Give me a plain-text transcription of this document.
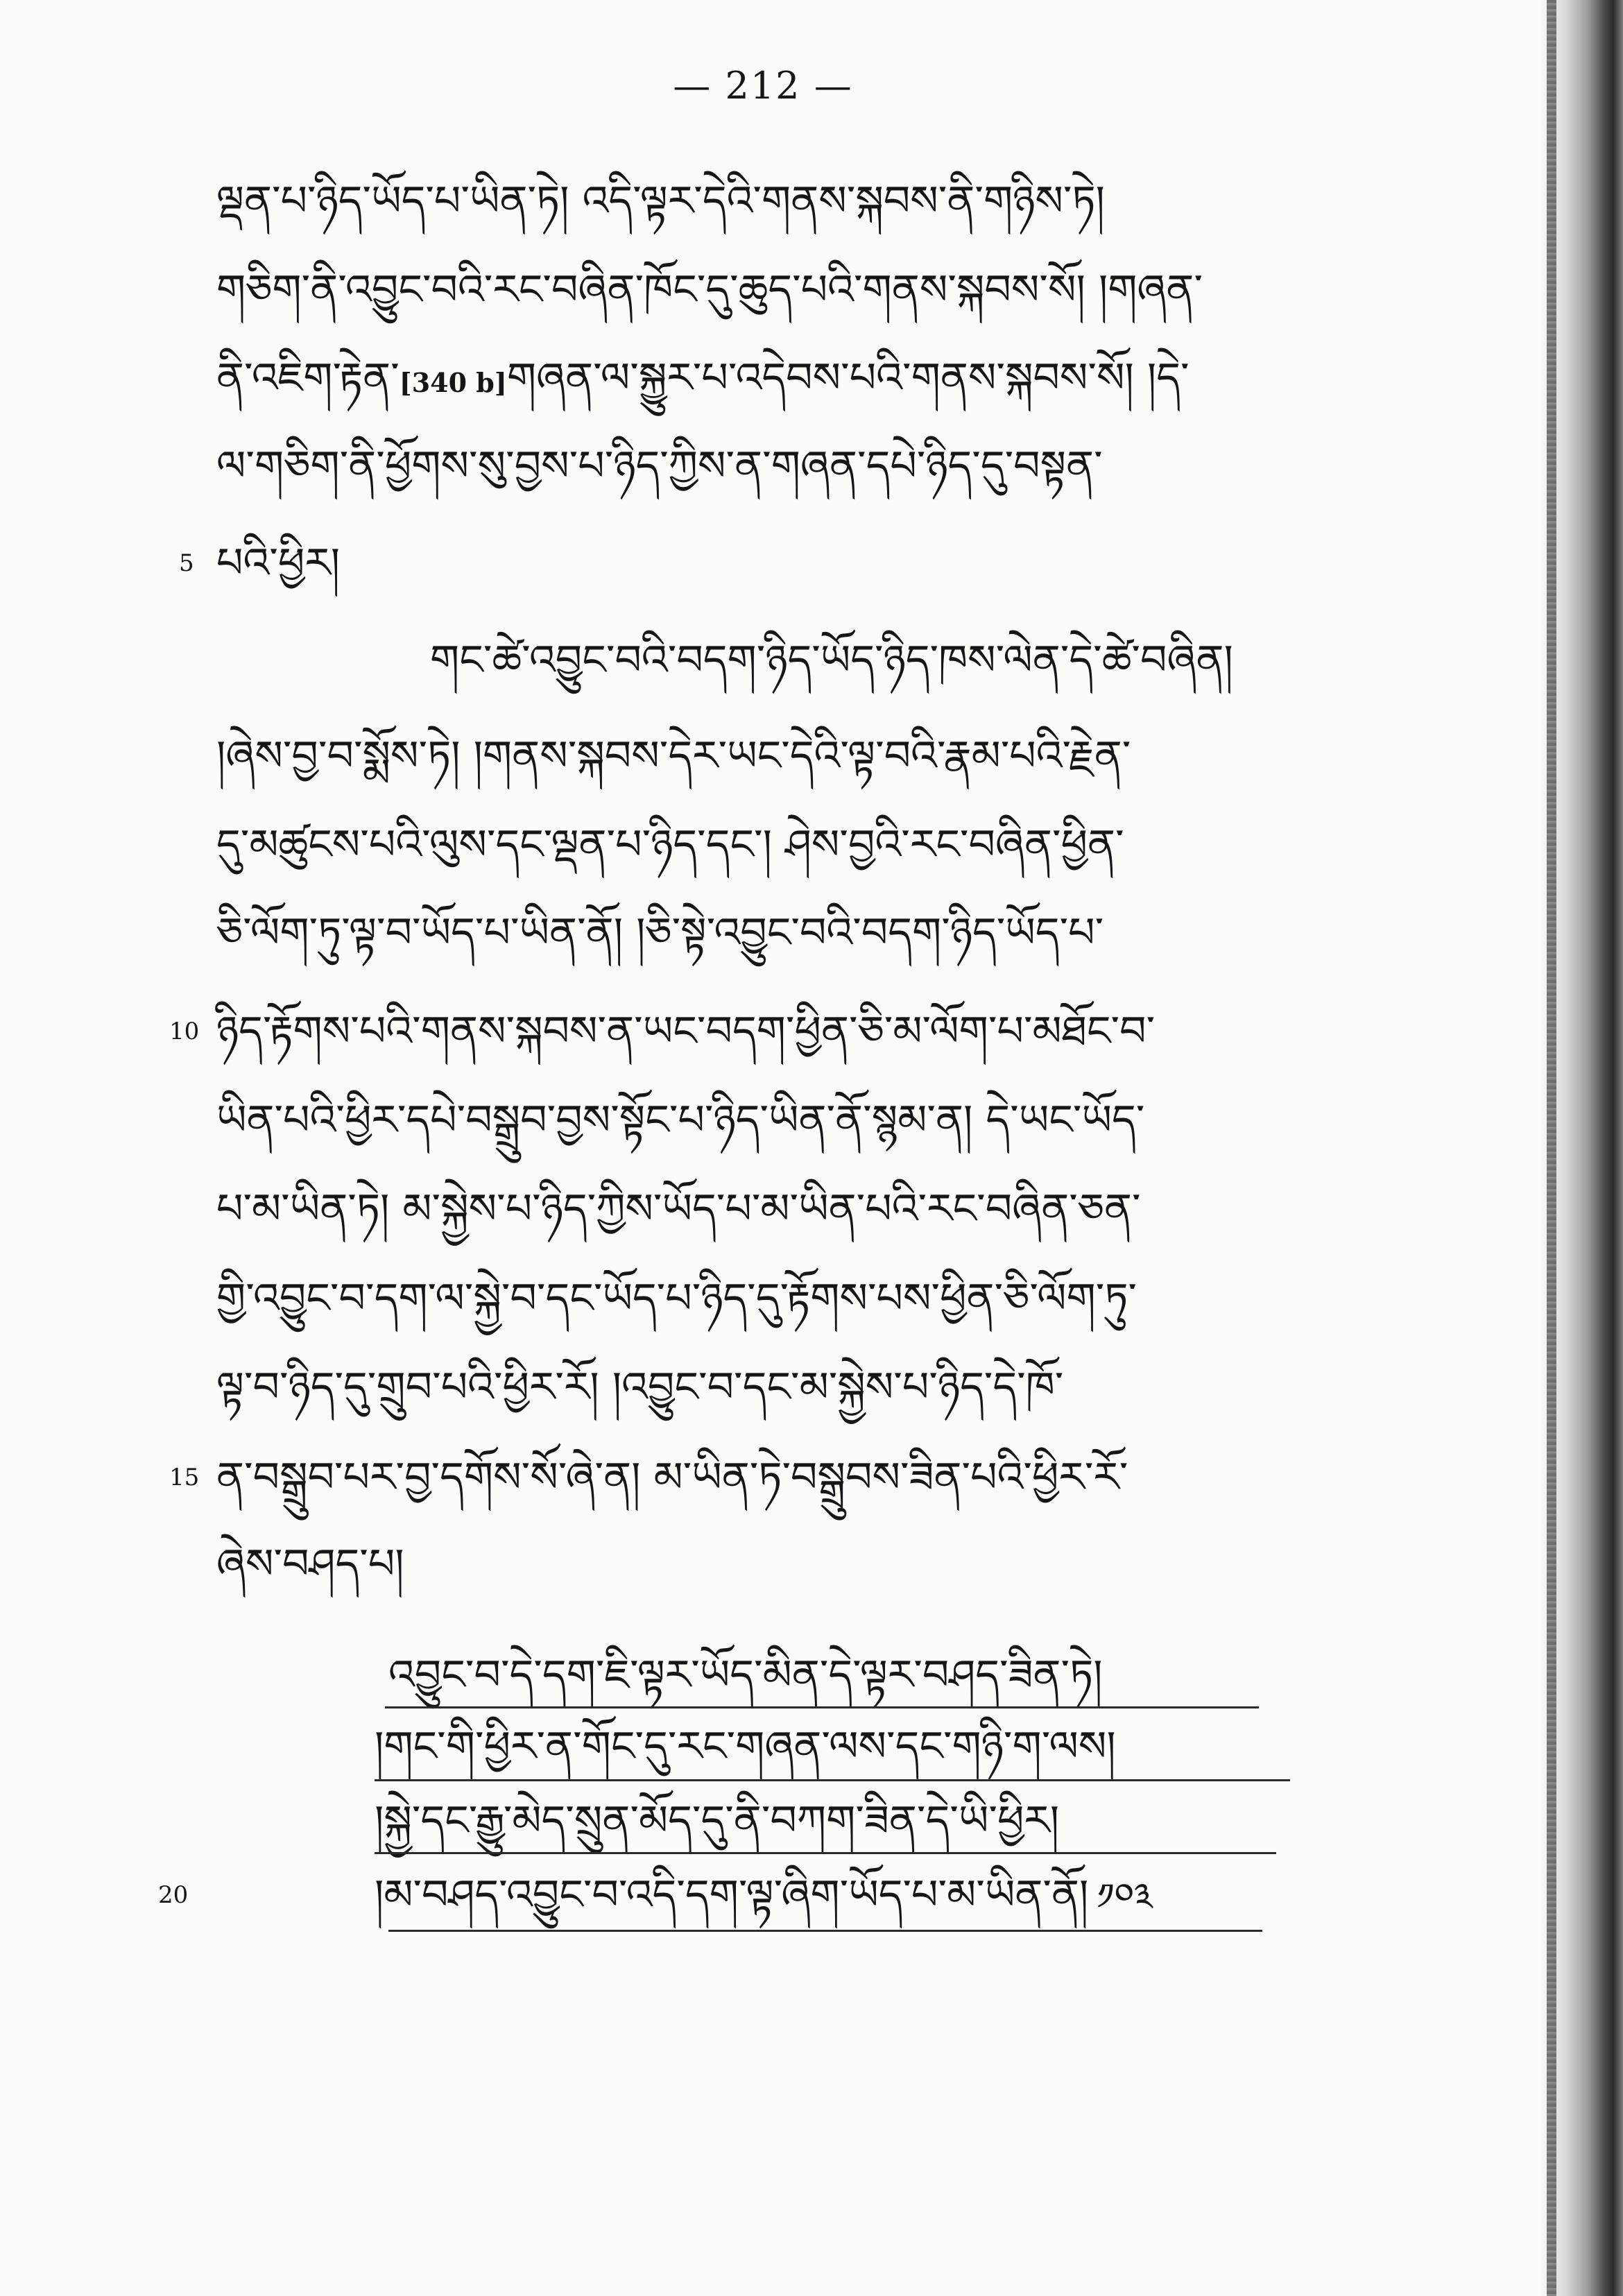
— 212 —
ལྡན་པ་ཉིད་ཡོད་པ་ཡིན་ཏེ། འདི་ལྟར་དེའི་གནས་སྐབས་ནི་གཉིས་ཏེ།
གཅིག་ནི་འབྱུང་བའི་རང་བཞིན་ཁོང་དུ་ཆུད་པའི་གནས་སྐབས་སོ། །གཞན་
ནི་འཇིག་རྟེན་[340 b]གཞན་ལ་སྐྱུར་པ་འདེབས་པའི་གནས་སྐབས་སོ། །དེ་
ལ་གཅིག་ནི་ཕྱོགས་སུ་བྱས་པ་ཉིད་ཀྱིས་ན་གཞན་དཔེ་ཉིད་དུ་བསྟན་
5 པའི་ཕྱིར།
གང་ཚེ་འབྱུང་བའི་བདག་ཉིད་ཡོད་ཉིད་ཁས་ལེན་དེ་ཚེ་བཞིན།
།ཞེས་བྱ་བ་སྨོས་ཏེ། །གནས་སྐབས་དེར་ཡང་དེའི་ལྟ་བའི་རྣམ་པའི་རྗེན་
དུ་མཚུངས་པའི་ལུས་དང་ལྡན་པ་ཉིད་དང་། ཤེས་བྱའི་རང་བཞིན་ཕྱིན་
ཅི་ལོག་ཏུ་ལྟ་བ་ཡོད་པ་ཡིན་ནོ། །ཅི་སྟེ་འབྱུང་བའི་བདག་ཉིད་ཡོད་པ་
10 ཉིད་རྟོགས་པའི་གནས་སྐབས་ན་ཡང་བདག་ཕྱིན་ཅི་མ་ལོག་པ་མཐོང་བ་
ཡིན་པའི་ཕྱིར་དཔེ་བསྒྲུབ་བྱས་སྟོང་པ་ཉིད་ཡིན་ནོ་སྙམ་ན། དེ་ཡང་ཡོད་
པ་མ་ཡིན་ཏེ། མ་སྐྱེས་པ་ཉིད་ཀྱིས་ཡོད་པ་མ་ཡིན་པའི་རང་བཞིན་ཅན་
གྱི་འབྱུང་བ་དག་ལ་སྐྱེ་བ་དང་ཡོད་པ་ཉིད་དུ་རྟོགས་པས་ཕྱིན་ཅི་ལོག་ཏུ་
ལྟ་བ་ཉིད་དུ་གྲུབ་པའི་ཕྱིར་རོ། །འབྱུང་བ་དང་མ་སྐྱེས་པ་ཉིད་དེ་ཁོ་
15 ན་བསྒྲུབ་པར་བྱ་དགོས་སོ་ཞེ་ན། མ་ཡིན་ཏེ་བསྒྲུབས་ཟིན་པའི་ཕྱིར་རོ་
ཞེས་བཤད་པ།
འབྱུང་བ་དེ་དག་ཇི་ལྟར་ཡོད་མིན་དེ་ལྟར་བཤད་ཟིན་ཏེ།
།གང་གི་ཕྱིར་ན་གོང་དུ་རང་གཞན་ལས་དང་གཉི་ག་ལས།
།སྐྱེ་དང་རྒྱུ་མེད་སྲུན་མོད་དུ་ནི་བཀག་ཟིན་དེ་ཡི་ཕྱིར།
20	།མ་བཤད་འབྱུང་བ་འདི་དག་ལྟ་ཞིག་ཡོད་པ་མ་ཡིན་ནོ། ༡༠༣
